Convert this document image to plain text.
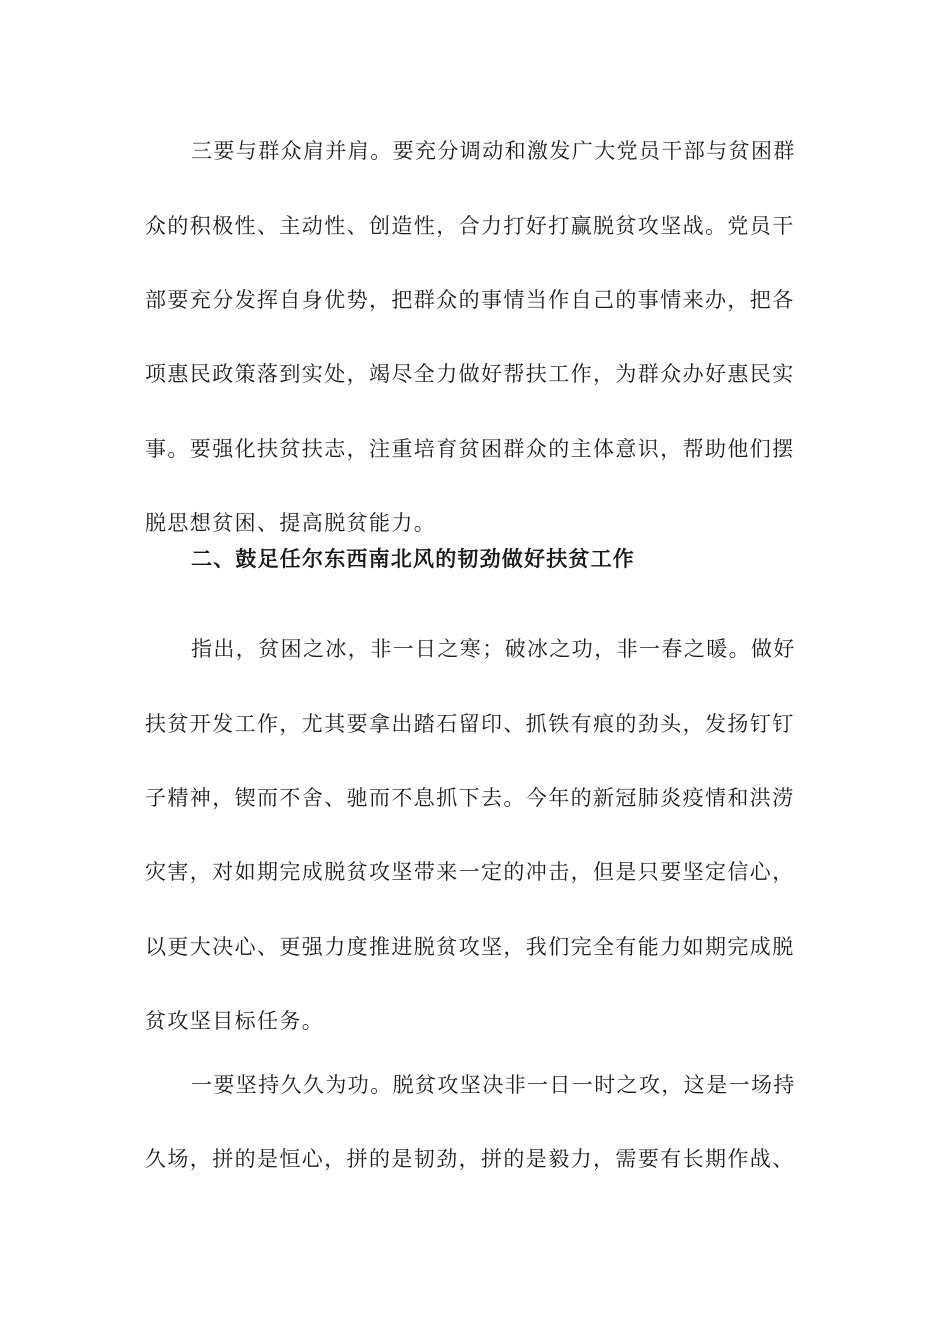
三要与群众肩并肩。要充分调动和激发广大党员干部与贫困群
众的积极性、主动性、创造性，合力打好打赢脱贫攻坚战。党员干
部要充分发挥自身优势，把群众的事情当作自己的事情来办，把各
项惠民政策落到实处，竭尽全力做好帮扶工作，为群众办好惠民实
事。要强化扶贫扶志，注重培育贫困群众的主体意识，帮助他们摆
脱思想贫困、提高脱贫能力。
二、鼓足任尔东西南北风的韧劲做好扶贫工作
指出，贫困之冰，非一日之寒；破冰之功，非一春之暖。做好
扶贫开发工作，尤其要拿出踏石留印、抓铁有痕的劲头，发扬钉钉
子精神，锲而不舍、驰而不息抓下去。今年的新冠肺炎疫情和洪涝
灾害，对如期完成脱贫攻坚带来一定的冲击，但是只要坚定信心，
以更大决心、更强力度推进脱贫攻坚，我们完全有能力如期完成脱
贫攻坚目标任务。
一要坚持久久为功。脱贫攻坚决非一日一时之攻，这是一场持
久场，拼的是恒心，拼的是韧劲，拼的是毅力，需要有长期作战、
